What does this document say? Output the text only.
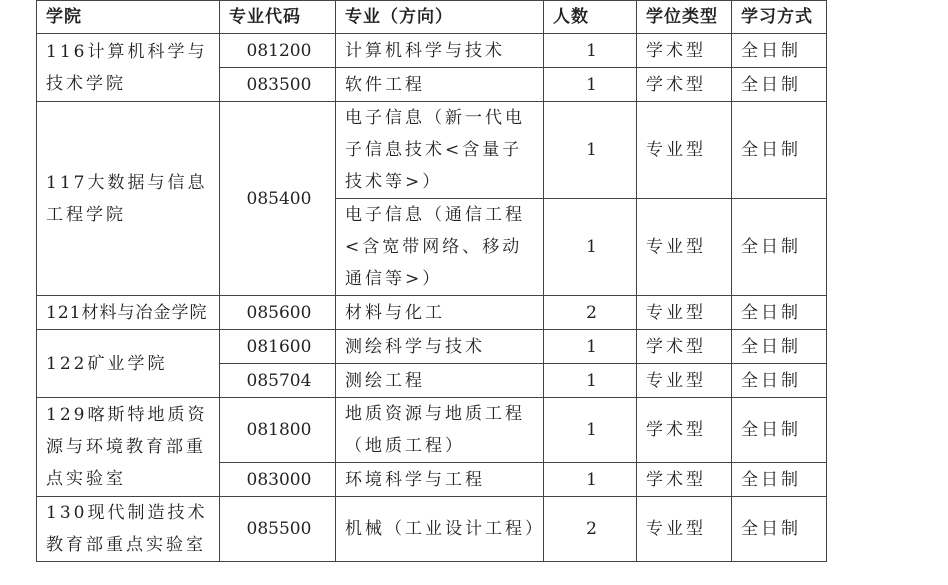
学院	专业代码	专业（方向）	人数	学位类型	学习方式
116计算机科学与技术学院	081200	计算机科学与技术	1	学术型	全日制
	083500	软件工程	1	学术型	全日制
117大数据与信息工程学院	085400	电子信息（新一代电子信息技术<含量子技术等>）	1	专业型	全日制
		电子信息（通信工程<含宽带网络、移动通信等>）	1	专业型	全日制
121材料与冶金学院	085600	材料与化工	2	专业型	全日制
122矿业学院	081600	测绘科学与技术	1	学术型	全日制
	085704	测绘工程	1	专业型	全日制
129喀斯特地质资源与环境教育部重点实验室	081800	地质资源与地质工程（地质工程）	1	学术型	全日制
	083000	环境科学与工程	1	学术型	全日制
130现代制造技术教育部重点实验室	085500	机械（工业设计工程）	2	专业型	全日制
